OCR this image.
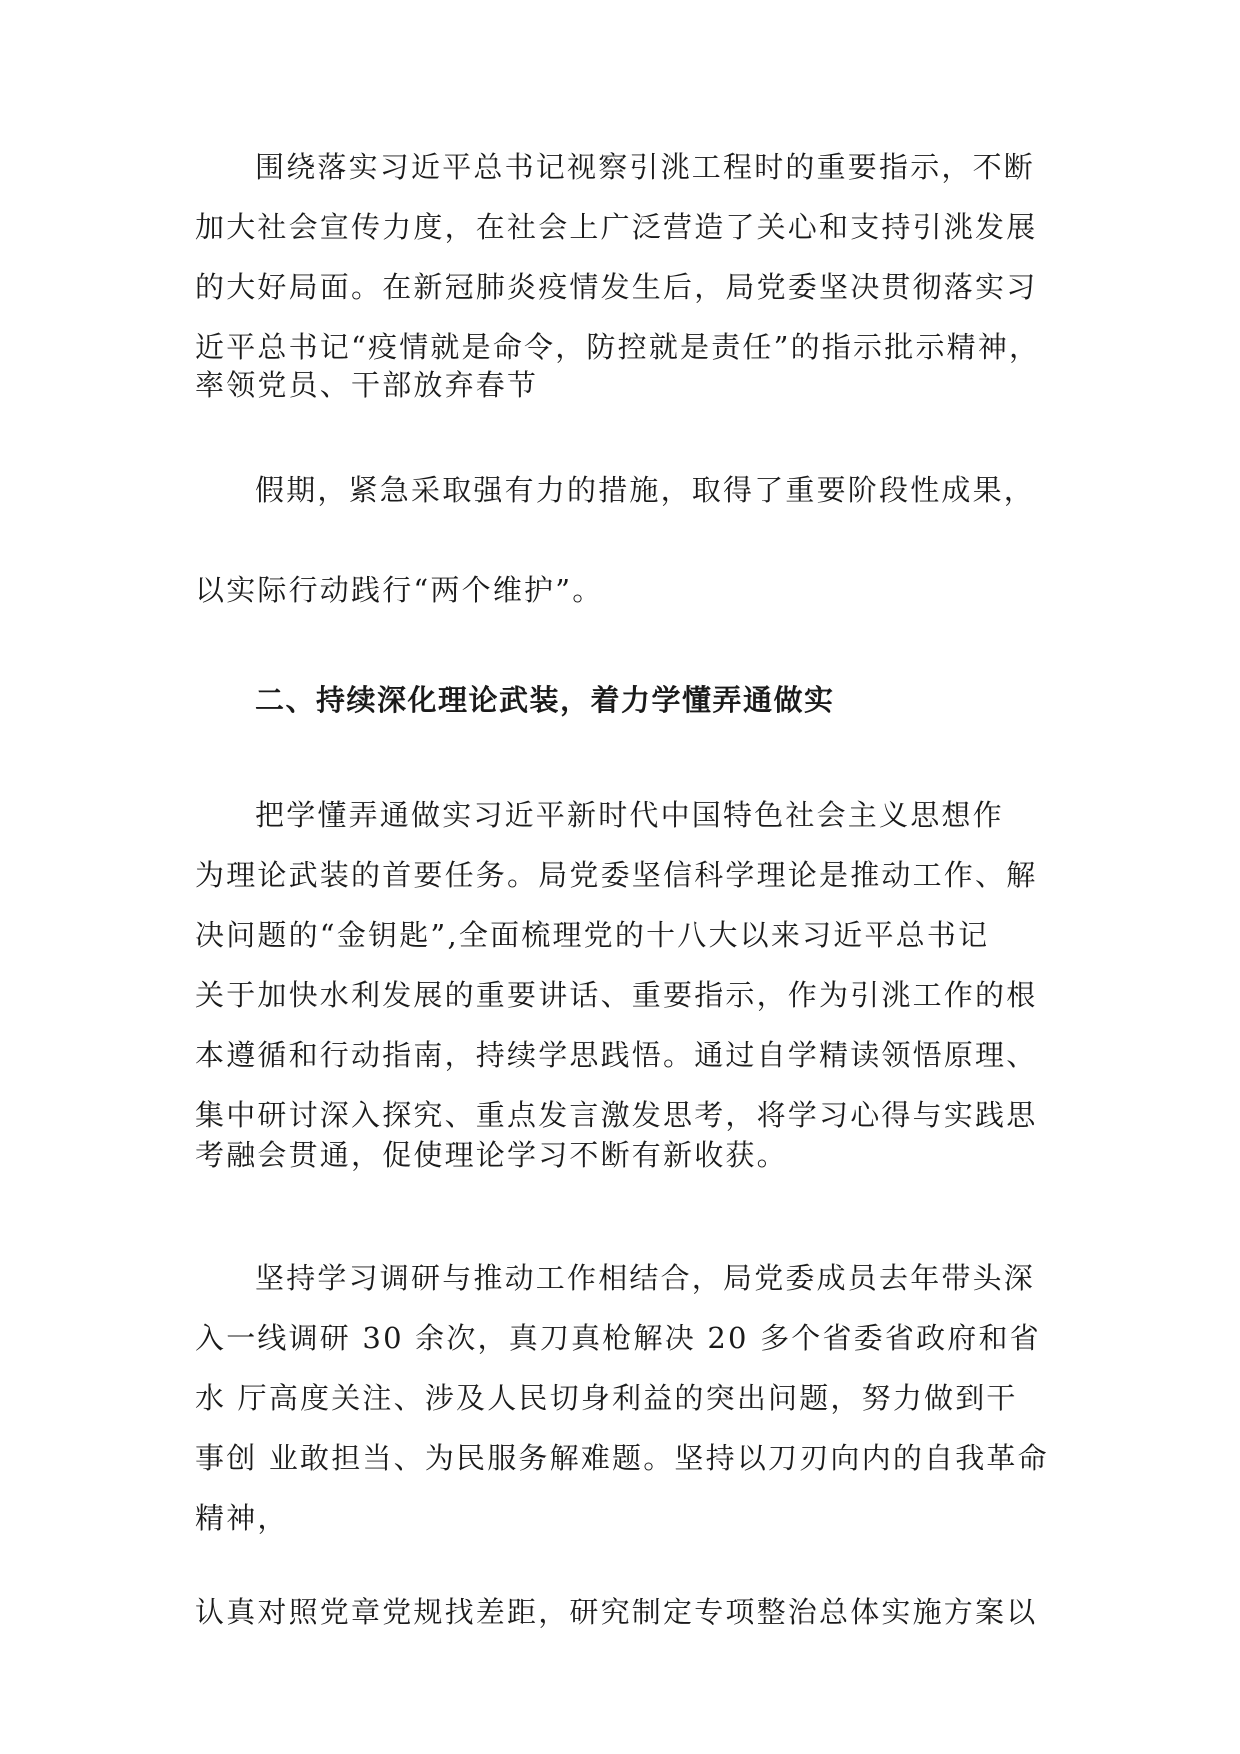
围绕落实习近平总书记视察引洮工程时的重要指示，不断
加大社会宣传力度，在社会上广泛营造了关心和支持引洮发展
的大好局面。在新冠肺炎疫情发生后，局党委坚决贯彻落实习
近平总书记“疫情就是命令，防控就是责任”的指示批示精神，
率领党员、干部放弃春节
假期，紧急采取强有力的措施，取得了重要阶段性成果，
以实际行动践行“两个维护”。
二、持续深化理论武装，着力学懂弄通做实
把学懂弄通做实习近平新时代中国特色社会主义思想作
为理论武装的首要任务。局党委坚信科学理论是推动工作、解
决问题的“金钥匙”,全面梳理党的十八大以来习近平总书记
关于加快水利发展的重要讲话、重要指示，作为引洮工作的根
本遵循和行动指南，持续学思践悟。通过自学精读领悟原理、
集中研讨深入探究、重点发言激发思考，将学习心得与实践思
考融会贯通，促使理论学习不断有新收获。
坚持学习调研与推动工作相结合，局党委成员去年带头深
入一线调研 30 余次，真刀真枪解决 20 多个省委省政府和省
水 厅高度关注、涉及人民切身利益的突出问题，努力做到干
事创 业敢担当、为民服务解难题。坚持以刀刃向内的自我革命
精神，
认真对照党章党规找差距，研究制定专项整治总体实施方案以
